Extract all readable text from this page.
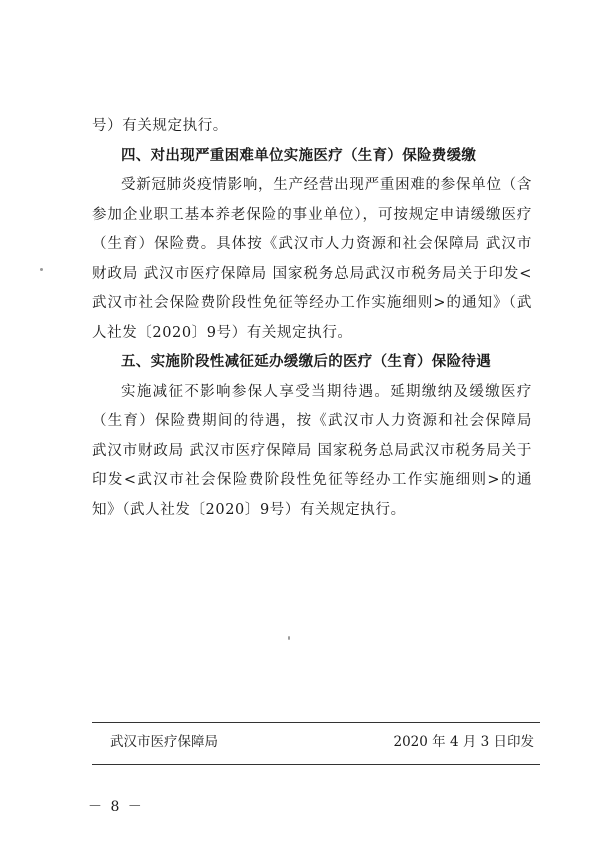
号）有关规定执行。

四、对出现严重困难单位实施医疗（生育）保险费缓缴

受新冠肺炎疫情影响，生产经营出现严重困难的参保单位（含参加企业职工基本养老保险的事业单位），可按规定申请缓缴医疗（生育）保险费。具体按《武汉市人力资源和社会保障局 武汉市财政局 武汉市医疗保障局 国家税务总局武汉市税务局关于印发<武汉市社会保险费阶段性免征等经办工作实施细则>的通知》（武人社发〔2020〕9号）有关规定执行。

五、实施阶段性减征延办缓缴后的医疗（生育）保险待遇

实施减征不影响参保人享受当期待遇。延期缴纳及缓缴医疗（生育）保险费期间的待遇，按《武汉市人力资源和社会保障局 武汉市财政局 武汉市医疗保障局 国家税务总局武汉市税务局关于印发<武汉市社会保险费阶段性免征等经办工作实施细则>的通知》（武人社发〔2020〕9号）有关规定执行。

武汉市医疗保障局	2020 年 4 月 3 日印发
－ 8 －
